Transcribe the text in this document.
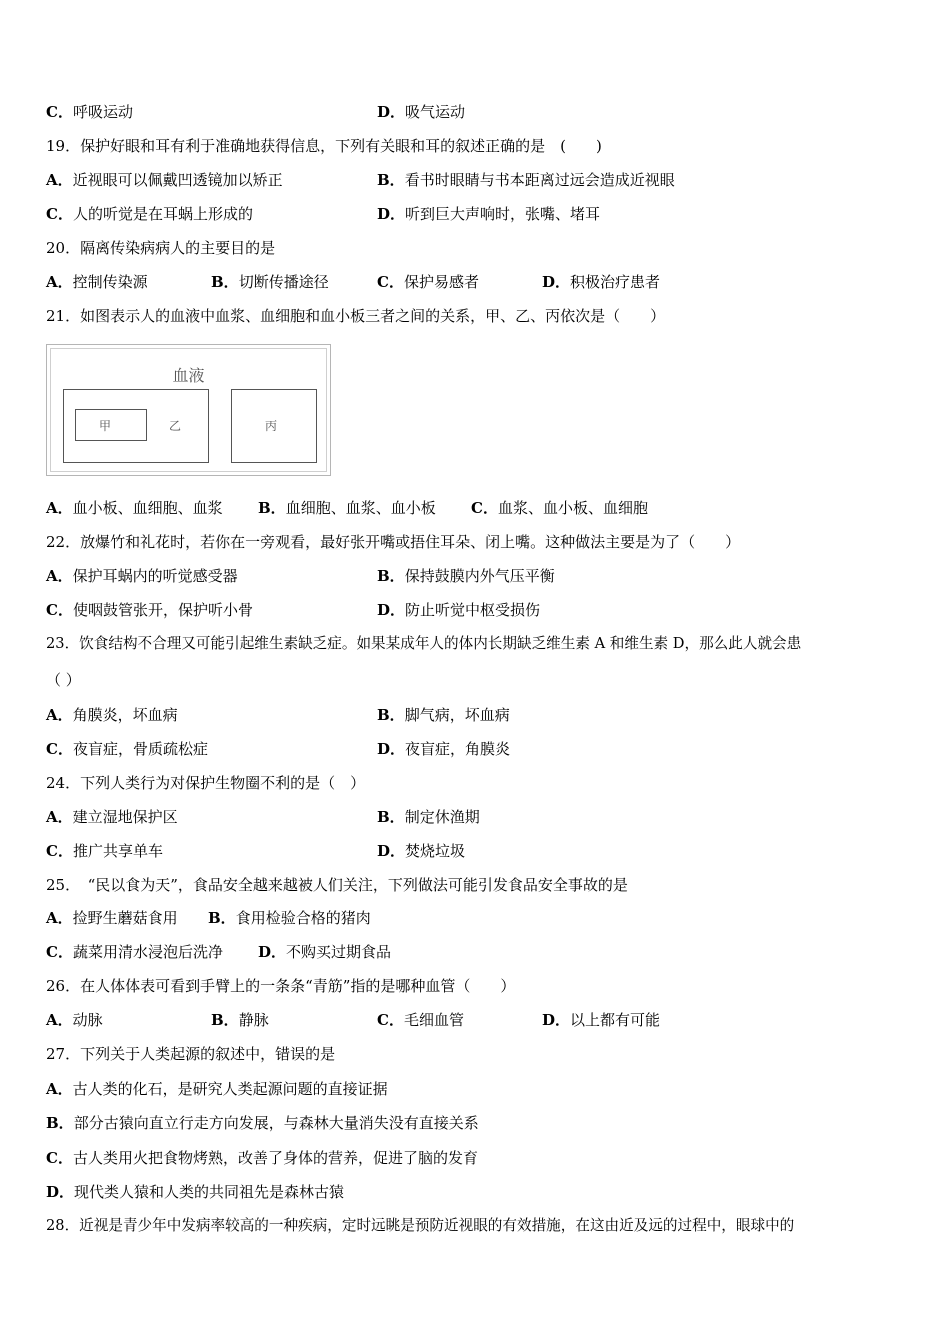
C．呼吸运动	D．吸气运动
19．保护好眼和耳有利于准确地获得信息，下列有关眼和耳的叙述正确的是　(　　)
A．近视眼可以佩戴凹透镜加以矫正	B．看书时眼睛与书本距离过远会造成近视眼
C．人的听觉是在耳蜗上形成的	D．听到巨大声响时，张嘴、堵耳
20．隔离传染病病人的主要目的是
A．控制传染源	B．切断传播途径	C．保护易感者	D．积极治疗患者
21．如图表示人的血液中血浆、血细胞和血小板三者之间的关系，甲、乙、丙依次是（　　）
血液
甲	乙	丙
A．血小板、血细胞、血浆 B．血细胞、血浆、血小板 C．血浆、血小板、血细胞
22．放爆竹和礼花时，若你在一旁观看，最好张开嘴或捂住耳朵、闭上嘴。这种做法主要是为了（　　）
A．保护耳蜗内的听觉感受器	B．保持鼓膜内外气压平衡
C．使咽鼓管张开，保护听小骨	D．防止听觉中枢受损伤
23．饮食结构不合理又可能引起维生素缺乏症。如果某成年人的体内长期缺乏维生素 A 和维生素 D，那么此人就会患
（ ）
A．角膜炎，坏血病	B．脚气病，坏血病
C．夜盲症，骨质疏松症	D．夜盲症，角膜炎
24．下列人类行为对保护生物圈不利的是（　）
A．建立湿地保护区	B．制定休渔期
C．推广共享单车	D．焚烧垃圾
25．　“民以食为天”，食品安全越来越被人们关注，下列做法可能引发食品安全事故的是
A．捡野生蘑菇食用 B．食用检验合格的猪肉
C．蔬菜用清水浸泡后洗净 D．不购买过期食品
26．在人体体表可看到手臂上的一条条“青筋”指的是哪种血管（　　）
A．动脉	B．静脉	C．毛细血管	D．以上都有可能
27．下列关于人类起源的叙述中，错误的是
A．古人类的化石，是研究人类起源问题的直接证据
B．部分古猿向直立行走方向发展，与森林大量消失没有直接关系
C．古人类用火把食物烤熟，改善了身体的营养，促进了脑的发育
D．现代类人猿和人类的共同祖先是森林古猿
28．近视是青少年中发病率较高的一种疾病，定时远眺是预防近视眼的有效措施，在这由近及远的过程中，眼球中的
